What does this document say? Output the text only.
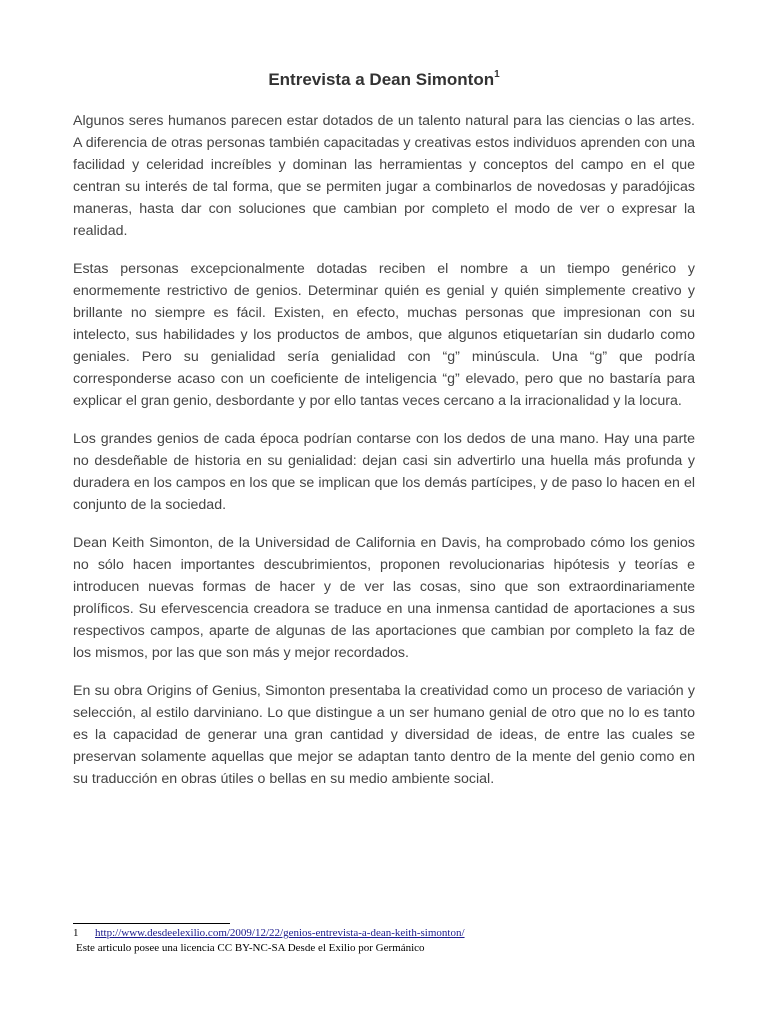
Entrevista a Dean Simonton$^1$

Algunos seres humanos parecen estar dotados de un talento natural para las ciencias o las artes. A diferencia de otras personas también capacitadas y creativas estos individuos aprenden con una facilidad y celeridad increíbles y dominan las herramientas y conceptos del campo en el que centran su interés de tal forma, que se permiten jugar a combinarlos de novedosas y paradójicas maneras, hasta dar con soluciones que cambian por completo el modo de ver o expresar la realidad.

Estas personas excepcionalmente dotadas reciben el nombre a un tiempo genérico y enormemente restrictivo de genios. Determinar quién es genial y quién simplemente creativo y brillante no siempre es fácil. Existen, en efecto, muchas personas que impresionan con su intelecto, sus habilidades y los productos de ambos, que algunos etiquetarían sin dudarlo como geniales. Pero su genialidad sería genialidad con “g” minúscula. Una “g” que podría corresponderse acaso con un coeficiente de inteligencia “g” elevado, pero que no bastaría para explicar el gran genio, desbordante y por ello tantas veces cercano a la irracionalidad y la locura.

Los grandes genios de cada época podrían contarse con los dedos de una mano. Hay una parte no desdeñable de historia en su genialidad: dejan casi sin advertirlo una huella más profunda y duradera en los campos en los que se implican que los demás partícipes, y de paso lo hacen en el conjunto de la sociedad.

Dean Keith Simonton, de la Universidad de California en Davis, ha comprobado cómo los genios no sólo hacen importantes descubrimientos, proponen revolucionarias hipótesis y teorías e introducen nuevas formas de hacer y de ver las cosas, sino que son extraordinariamente prolíficos. Su efervescencia creadora se traduce en una inmensa cantidad de aportaciones a sus respectivos campos, aparte de algunas de las aportaciones que cambian por completo la faz de los mismos, por las que son más y mejor recordados.

En su obra Origins of Genius, Simonton presentaba la creatividad como un proceso de variación y selección, al estilo darviniano. Lo que distingue a un ser humano genial de otro que no lo es tanto es la capacidad de generar una gran cantidad y diversidad de ideas, de entre las cuales se preservan solamente aquellas que mejor se adaptan tanto dentro de la mente del genio como en su traducción en obras útiles o bellas en su medio ambiente social.

1 http://www.desdeelexilio.com/2009/12/22/genios-entrevista-a-dean-keith-simonton/
Este articulo posee una licencia CC BY-NC-SA Desde el Exilio por Germánico
